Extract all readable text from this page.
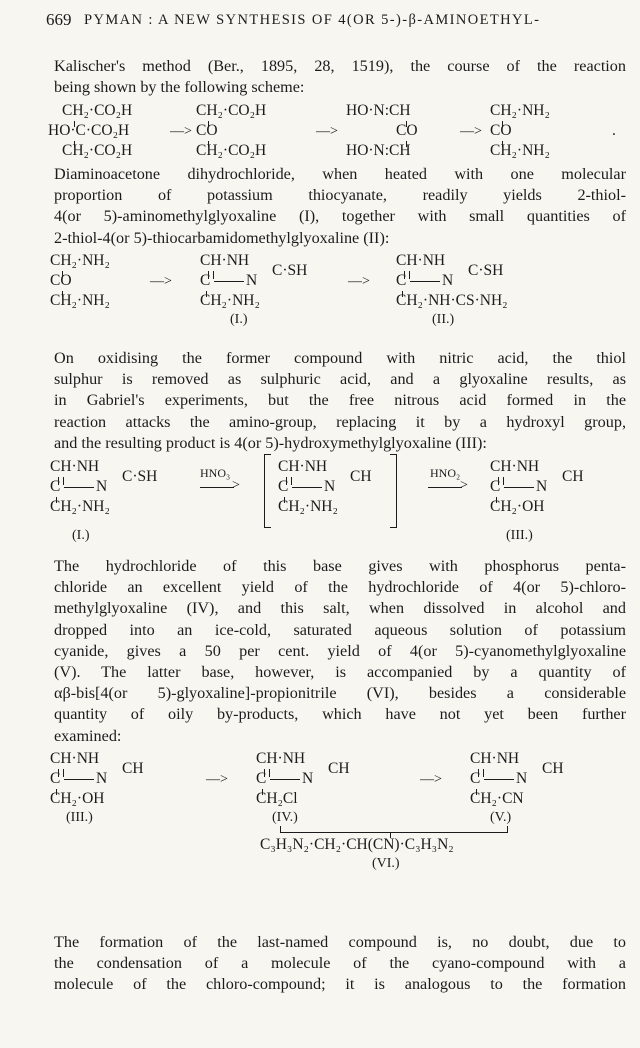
669 PYMAN : A NEW SYNTHESIS OF 4(OR 5-)-β-AMINOETHYL-
Kalischer's method (Ber., 1895, 28, 1519), the course of the reaction
being shown by the following scheme:
CH₂·CO₂H
HO·C·CO₂H
CH₂·CO₂H
—>
CH₂·CO₂H
CO
CH₂·CO₂H
—>
HO·N:CH
CO
HO·N:CH
—>
CH₂·NH₂
CO
CH₂·NH₂
.
Diaminoacetone dihydrochloride, when heated with one molecular
proportion of potassium thiocyanate, readily yields 2-thiol-
4(or 5)-aminomethylglyoxaline (I), together with small quantities of
2-thiol-4(or 5)-thiocarbamidomethylglyoxaline (II):
CH₂·NH₂
CO
CH₂·NH₂
—>
CH·NH
C N
C·SH
CH₂·NH₂
(I.)
—>
CH·NH
C N
C·SH
CH₂·NH·CS·NH₂
(II.)
On oxidising the former compound with nitric acid, the thiol
sulphur is removed as sulphuric acid, and a glyoxaline results, as
in Gabriel's experiments, but the free nitrous acid formed in the
reaction attacks the amino-group, replacing it by a hydroxyl group,
and the resulting product is 4(or 5)-hydroxymethylglyoxaline (III):
CH·NH
C N
C·SH
CH₂·NH₂
(I.)
HNO₃
>
CH·NH
C N
CH
CH₂·NH₂
HNO₂
>
CH·NH
C N
CH
CH₂·OH
(III.)
The hydrochloride of this base gives with phosphorus penta-
chloride an excellent yield of the hydrochloride of 4(or 5)-chloro-
methylglyoxaline (IV), and this salt, when dissolved in alcohol and
dropped into an ice-cold, saturated aqueous solution of potassium
cyanide, gives a 50 per cent. yield of 4(or 5)-cyanomethylglyoxaline
(V). The latter base, however, is accompanied by a quantity of
αβ-bis[4(or 5)-glyoxaline]-propionitrile (VI), besides a considerable
quantity of oily by-products, which have not yet been further
examined:
CH·NH
C N
CH
CH₂·OH
(III.)
—>
CH·NH
C N
CH
CH₂Cl
(IV.)
—>
CH·NH
C N
CH
CH₂·CN
(V.)
C₃H₃N₂·CH₂·CH(CN)·C₃H₃N₂
(VI.)
The formation of the last-named compound is, no doubt, due to
the condensation of a molecule of the cyano-compound with a
molecule of the chloro-compound; it is analogous to the formation
